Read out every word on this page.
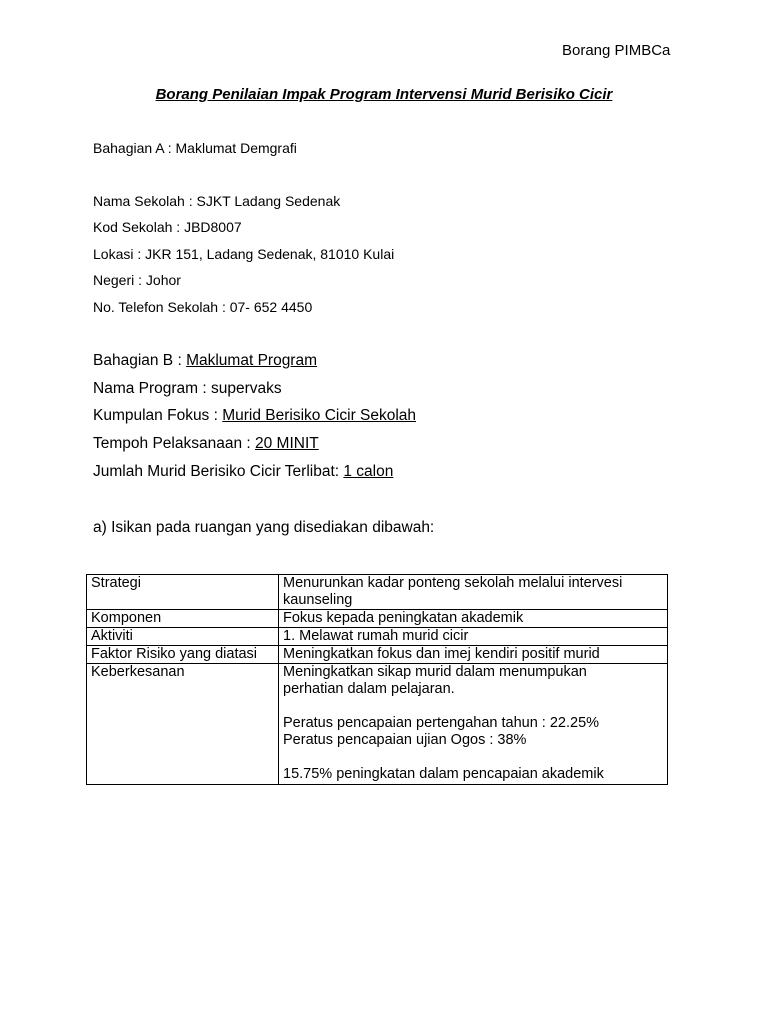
Borang PIMBCa
Borang Penilaian Impak Program Intervensi Murid Berisiko Cicir
Bahagian A : Maklumat Demgrafi
Nama Sekolah : SJKT Ladang Sedenak
Kod Sekolah : JBD8007
Lokasi : JKR 151, Ladang Sedenak, 81010 Kulai
Negeri : Johor
No. Telefon Sekolah : 07- 652 4450
Bahagian B : Maklumat Program
Nama Program : supervaks
Kumpulan Fokus : Murid Berisiko Cicir Sekolah
Tempoh Pelaksanaan : 20 MINIT
Jumlah Murid Berisiko Cicir Terlibat: 1 calon
a) Isikan pada ruangan yang disediakan dibawah:
Strategi	Menurunkan kadar ponteng sekolah melalui intervesi
kaunseling

Komponen	Fokus kepada peningkatan akademik

Aktiviti	1. Melawat rumah murid cicir

Faktor Risiko yang diatasi	Meningkatkan fokus dan imej kendiri positif murid

Keberkesanan	Meningkatkan sikap murid dalam menumpukan
perhatian dalam pelajaran.
Peratus pencapaian pertengahan tahun : 22.25%
Peratus pencapaian ujian Ogos : 38%
15.75% peningkatan dalam pencapaian akademik
